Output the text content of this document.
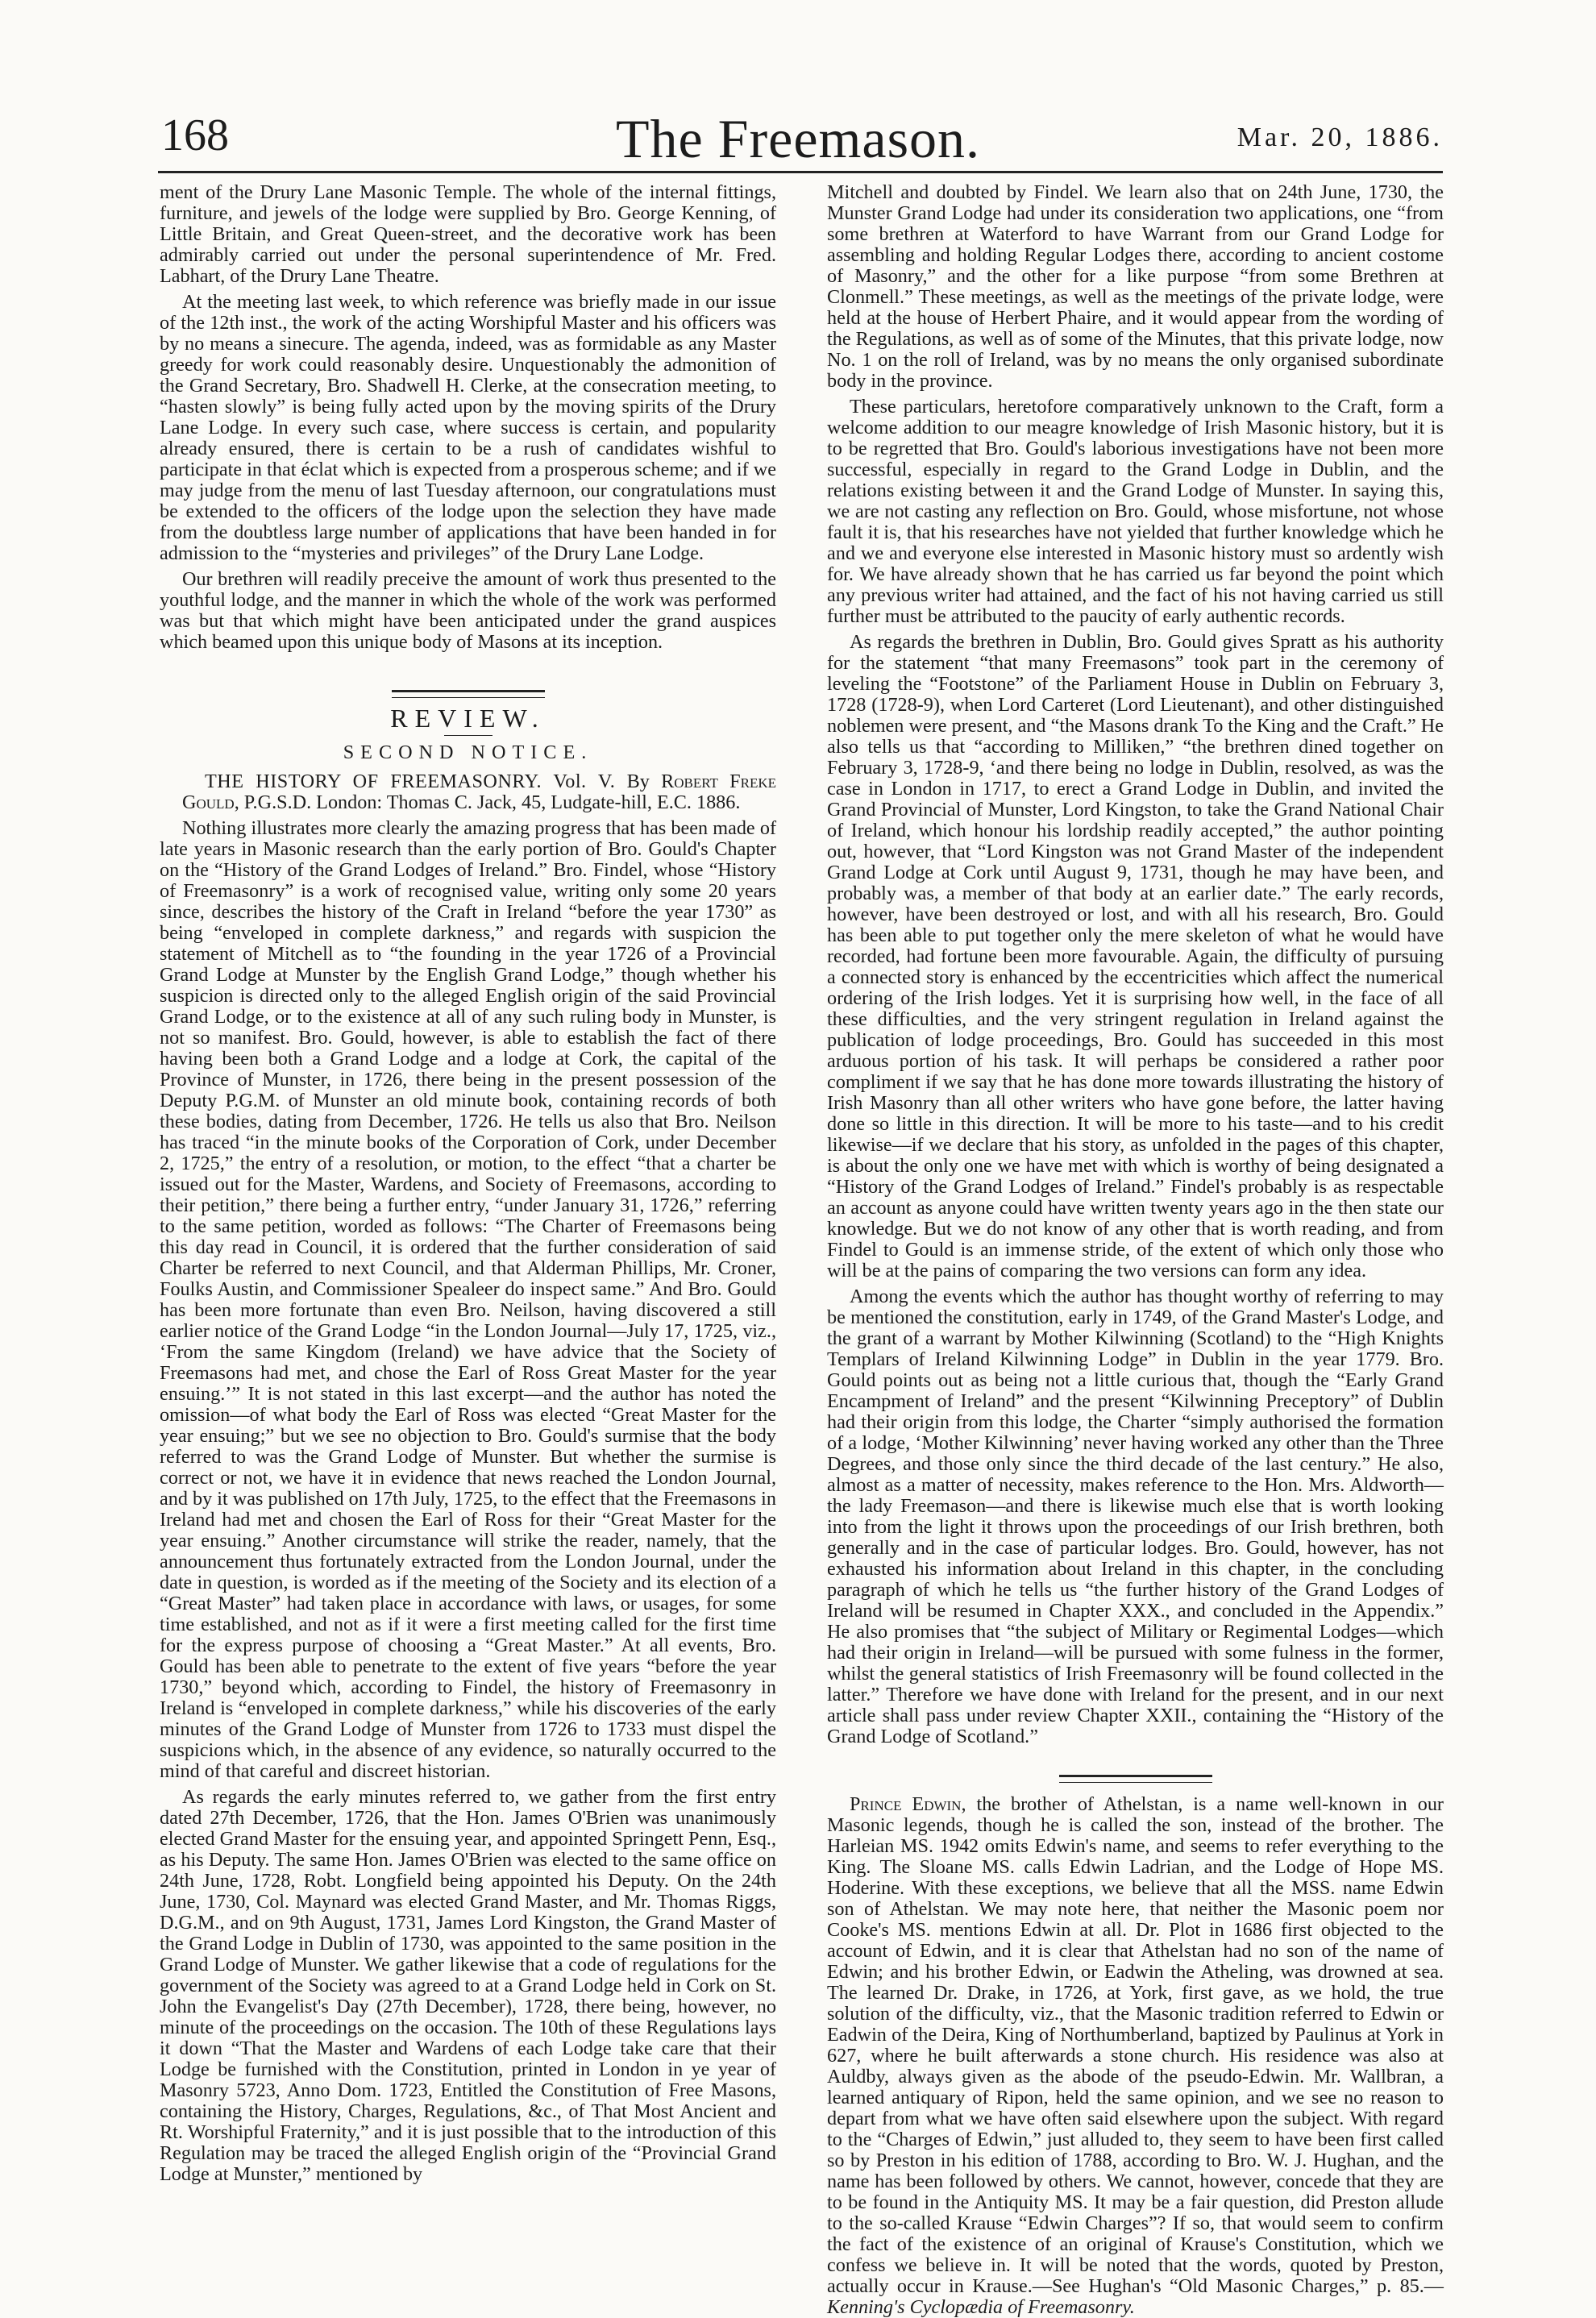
168	The Freemason.	Mar. 20, 1886.

ment of the Drury Lane Masonic Temple. The whole of the internal fittings, furniture, and jewels of the lodge were supplied by Bro. George Kenning, of Little Britain, and Great Queen-street, and the decorative work has been admirably carried out under the personal superintendence of Mr. Fred. Labhart, of the Drury Lane Theatre.

At the meeting last week, to which reference was briefly made in our issue of the 12th inst., the work of the acting Worshipful Master and his officers was by no means a sinecure. The agenda, indeed, was as formidable as any Master greedy for work could reasonably desire. Unquestionably the admonition of the Grand Secretary, Bro. Shadwell H. Clerke, at the consecration meeting, to “hasten slowly” is being fully acted upon by the moving spirits of the Drury Lane Lodge. In every such case, where success is certain, and popularity already ensured, there is certain to be a rush of candidates wishful to participate in that éclat which is expected from a prosperous scheme; and if we may judge from the menu of last Tuesday afternoon, our congratulations must be extended to the officers of the lodge upon the selection they have made from the doubtless large number of applications that have been handed in for admission to the “mysteries and privileges” of the Drury Lane Lodge.

Our brethren will readily preceive the amount of work thus presented to the youthful lodge, and the manner in which the whole of the work was performed was but that which might have been anticipated under the grand auspices which beamed upon this unique body of Masons at its inception.

REVIEW.
SECOND NOTICE.

THE HISTORY OF FREEMASONRY. Vol. V. By Robert Freke Gould, P.G.S.D. London: Thomas C. Jack, 45, Ludgate-hill, E.C. 1886.

Nothing illustrates more clearly the amazing progress that has been made of late years in Masonic research than the early portion of Bro. Gould's Chapter on the “History of the Grand Lodges of Ireland.” Bro. Findel, whose “History of Freemasonry” is a work of recognised value, writing only some 20 years since, describes the history of the Craft in Ireland “before the year 1730” as being “enveloped in complete darkness,” and regards with suspicion the statement of Mitchell as to “the founding in the year 1726 of a Provincial Grand Lodge at Munster by the English Grand Lodge,” though whether his suspicion is directed only to the alleged English origin of the said Provincial Grand Lodge, or to the existence at all of any such ruling body in Munster, is not so manifest. Bro. Gould, however, is able to establish the fact of there having been both a Grand Lodge and a lodge at Cork, the capital of the Province of Munster, in 1726, there being in the present possession of the Deputy P.G.M. of Munster an old minute book, containing records of both these bodies, dating from December, 1726. He tells us also that Bro. Neilson has traced “in the minute books of the Corporation of Cork, under December 2, 1725,” the entry of a resolution, or motion, to the effect “that a charter be issued out for the Master, Wardens, and Society of Freemasons, according to their petition,” there being a further entry, “under January 31, 1726,” referring to the same petition, worded as follows: “The Charter of Freemasons being this day read in Council, it is ordered that the further consideration of said Charter be referred to next Council, and that Alderman Phillips, Mr. Croner, Foulks Austin, and Commissioner Spealeer do inspect same.” And Bro. Gould has been more fortunate than even Bro. Neilson, having discovered a still earlier notice of the Grand Lodge “in the London Journal—July 17, 1725, viz., ‘From the same Kingdom (Ireland) we have advice that the Society of Freemasons had met, and chose the Earl of Ross Great Master for the year ensuing.’” It is not stated in this last excerpt—and the author has noted the omission—of what body the Earl of Ross was elected “Great Master for the year ensuing;” but we see no objection to Bro. Gould's surmise that the body referred to was the Grand Lodge of Munster. But whether the surmise is correct or not, we have it in evidence that news reached the London Journal, and by it was published on 17th July, 1725, to the effect that the Freemasons in Ireland had met and chosen the Earl of Ross for their “Great Master for the year ensuing.” Another circumstance will strike the reader, namely, that the announcement thus fortunately extracted from the London Journal, under the date in question, is worded as if the meeting of the Society and its election of a “Great Master” had taken place in accordance with laws, or usages, for some time established, and not as if it were a first meeting called for the first time for the express purpose of choosing a “Great Master.” At all events, Bro. Gould has been able to penetrate to the extent of five years “before the year 1730,” beyond which, according to Findel, the history of Freemasonry in Ireland is “enveloped in complete darkness,” while his discoveries of the early minutes of the Grand Lodge of Munster from 1726 to 1733 must dispel the suspicions which, in the absence of any evidence, so naturally occurred to the mind of that careful and discreet historian.

As regards the early minutes referred to, we gather from the first entry dated 27th December, 1726, that the Hon. James O'Brien was unanimously elected Grand Master for the ensuing year, and appointed Springett Penn, Esq., as his Deputy. The same Hon. James O'Brien was elected to the same office on 24th June, 1728, Robt. Longfield being appointed his Deputy. On the 24th June, 1730, Col. Maynard was elected Grand Master, and Mr. Thomas Riggs, D.G.M., and on 9th August, 1731, James Lord Kingston, the Grand Master of the Grand Lodge in Dublin of 1730, was appointed to the same position in the Grand Lodge of Munster. We gather likewise that a code of regulations for the government of the Society was agreed to at a Grand Lodge held in Cork on St. John the Evangelist's Day (27th December), 1728, there being, however, no minute of the proceedings on the occasion. The 10th of these Regulations lays it down “That the Master and Wardens of each Lodge take care that their Lodge be furnished with the Constitution, printed in London in ye year of Masonry 5723, Anno Dom. 1723, Entitled the Constitution of Free Masons, containing the History, Charges, Regulations, &c., of That Most Ancient and Rt. Worshipful Fraternity,” and it is just possible that to the introduction of this Regulation may be traced the alleged English origin of the “Provincial Grand Lodge at Munster,” mentioned by

Mitchell and doubted by Findel. We learn also that on 24th June, 1730, the Munster Grand Lodge had under its consideration two applications, one “from some brethren at Waterford to have Warrant from our Grand Lodge for assembling and holding Regular Lodges there, according to ancient costome of Masonry,” and the other for a like purpose “from some Brethren at Clonmell.” These meetings, as well as the meetings of the private lodge, were held at the house of Herbert Phaire, and it would appear from the wording of the Regulations, as well as of some of the Minutes, that this private lodge, now No. 1 on the roll of Ireland, was by no means the only organised subordinate body in the province.

These particulars, heretofore comparatively unknown to the Craft, form a welcome addition to our meagre knowledge of Irish Masonic history, but it is to be regretted that Bro. Gould's laborious investigations have not been more successful, especially in regard to the Grand Lodge in Dublin, and the relations existing between it and the Grand Lodge of Munster. In saying this, we are not casting any reflection on Bro. Gould, whose misfortune, not whose fault it is, that his researches have not yielded that further knowledge which he and we and everyone else interested in Masonic history must so ardently wish for. We have already shown that he has carried us far beyond the point which any previous writer had attained, and the fact of his not having carried us still further must be attributed to the paucity of early authentic records.

As regards the brethren in Dublin, Bro. Gould gives Spratt as his authority for the statement “that many Freemasons” took part in the ceremony of leveling the “Footstone” of the Parliament House in Dublin on February 3, 1728 (1728-9), when Lord Carteret (Lord Lieutenant), and other distinguished noblemen were present, and “the Masons drank To the King and the Craft.” He also tells us that “according to Milliken,” “the brethren dined together on February 3, 1728-9, ‘and there being no lodge in Dublin, resolved, as was the case in London in 1717, to erect a Grand Lodge in Dublin, and invited the Grand Provincial of Munster, Lord Kingston, to take the Grand National Chair of Ireland, which honour his lordship readily accepted,” the author pointing out, however, that “Lord Kingston was not Grand Master of the independent Grand Lodge at Cork until August 9, 1731, though he may have been, and probably was, a member of that body at an earlier date.” The early records, however, have been destroyed or lost, and with all his research, Bro. Gould has been able to put together only the mere skeleton of what he would have recorded, had fortune been more favourable. Again, the difficulty of pursuing a connected story is enhanced by the eccentricities which affect the numerical ordering of the Irish lodges. Yet it is surprising how well, in the face of all these difficulties, and the very stringent regulation in Ireland against the publication of lodge proceedings, Bro. Gould has succeeded in this most arduous portion of his task. It will perhaps be considered a rather poor compliment if we say that he has done more towards illustrating the history of Irish Masonry than all other writers who have gone before, the latter having done so little in this direction. It will be more to his taste—and to his credit likewise—if we declare that his story, as unfolded in the pages of this chapter, is about the only one we have met with which is worthy of being designated a “History of the Grand Lodges of Ireland.” Findel's probably is as respectable an account as anyone could have written twenty years ago in the then state our knowledge. But we do not know of any other that is worth reading, and from Findel to Gould is an immense stride, of the extent of which only those who will be at the pains of comparing the two versions can form any idea.

Among the events which the author has thought worthy of referring to may be mentioned the constitution, early in 1749, of the Grand Master's Lodge, and the grant of a warrant by Mother Kilwinning (Scotland) to the “High Knights Templars of Ireland Kilwinning Lodge” in Dublin in the year 1779. Bro. Gould points out as being not a little curious that, though the “Early Grand Encampment of Ireland” and the present “Kilwinning Preceptory” of Dublin had their origin from this lodge, the Charter “simply authorised the formation of a lodge, ‘Mother Kilwinning’ never having worked any other than the Three Degrees, and those only since the third decade of the last century.” He also, almost as a matter of necessity, makes reference to the Hon. Mrs. Aldworth—the lady Freemason—and there is likewise much else that is worth looking into from the light it throws upon the proceedings of our Irish brethren, both generally and in the case of particular lodges. Bro. Gould, however, has not exhausted his information about Ireland in this chapter, in the concluding paragraph of which he tells us “the further history of the Grand Lodges of Ireland will be resumed in Chapter XXX., and concluded in the Appendix.” He also promises that “the subject of Military or Regimental Lodges—which had their origin in Ireland—will be pursued with some fulness in the former, whilst the general statistics of Irish Freemasonry will be found collected in the latter.” Therefore we have done with Ireland for the present, and in our next article shall pass under review Chapter XXII., containing the “History of the Grand Lodge of Scotland.”

Prince Edwin, the brother of Athelstan, is a name well-known in our Masonic legends, though he is called the son, instead of the brother. The Harleian MS. 1942 omits Edwin's name, and seems to refer everything to the King. The Sloane MS. calls Edwin Ladrian, and the Lodge of Hope MS. Hoderine. With these exceptions, we believe that all the MSS. name Edwin son of Athelstan. We may note here, that neither the Masonic poem nor Cooke's MS. mentions Edwin at all. Dr. Plot in 1686 first objected to the account of Edwin, and it is clear that Athelstan had no son of the name of Edwin; and his brother Edwin, or Eadwin the Atheling, was drowned at sea. The learned Dr. Drake, in 1726, at York, first gave, as we hold, the true solution of the difficulty, viz., that the Masonic tradition referred to Edwin or Eadwin of the Deira, King of Northumberland, baptized by Paulinus at York in 627, where he built afterwards a stone church. His residence was also at Auldby, always given as the abode of the pseudo-Edwin. Mr. Wallbran, a learned antiquary of Ripon, held the same opinion, and we see no reason to depart from what we have often said elsewhere upon the subject. With regard to the “Charges of Edwin,” just alluded to, they seem to have been first called so by Preston in his edition of 1788, according to Bro. W. J. Hughan, and the name has been followed by others. We cannot, however, concede that they are to be found in the Antiquity MS. It may be a fair question, did Preston allude to the so-called Krause “Edwin Charges”? If so, that would seem to confirm the fact of the existence of an original of Krause's Constitution, which we confess we believe in. It will be noted that the words, quoted by Preston, actually occur in Krause.—See Hughan's “Old Masonic Charges,” p. 85.—Kenning's Cyclopædia of Freemasonry.
